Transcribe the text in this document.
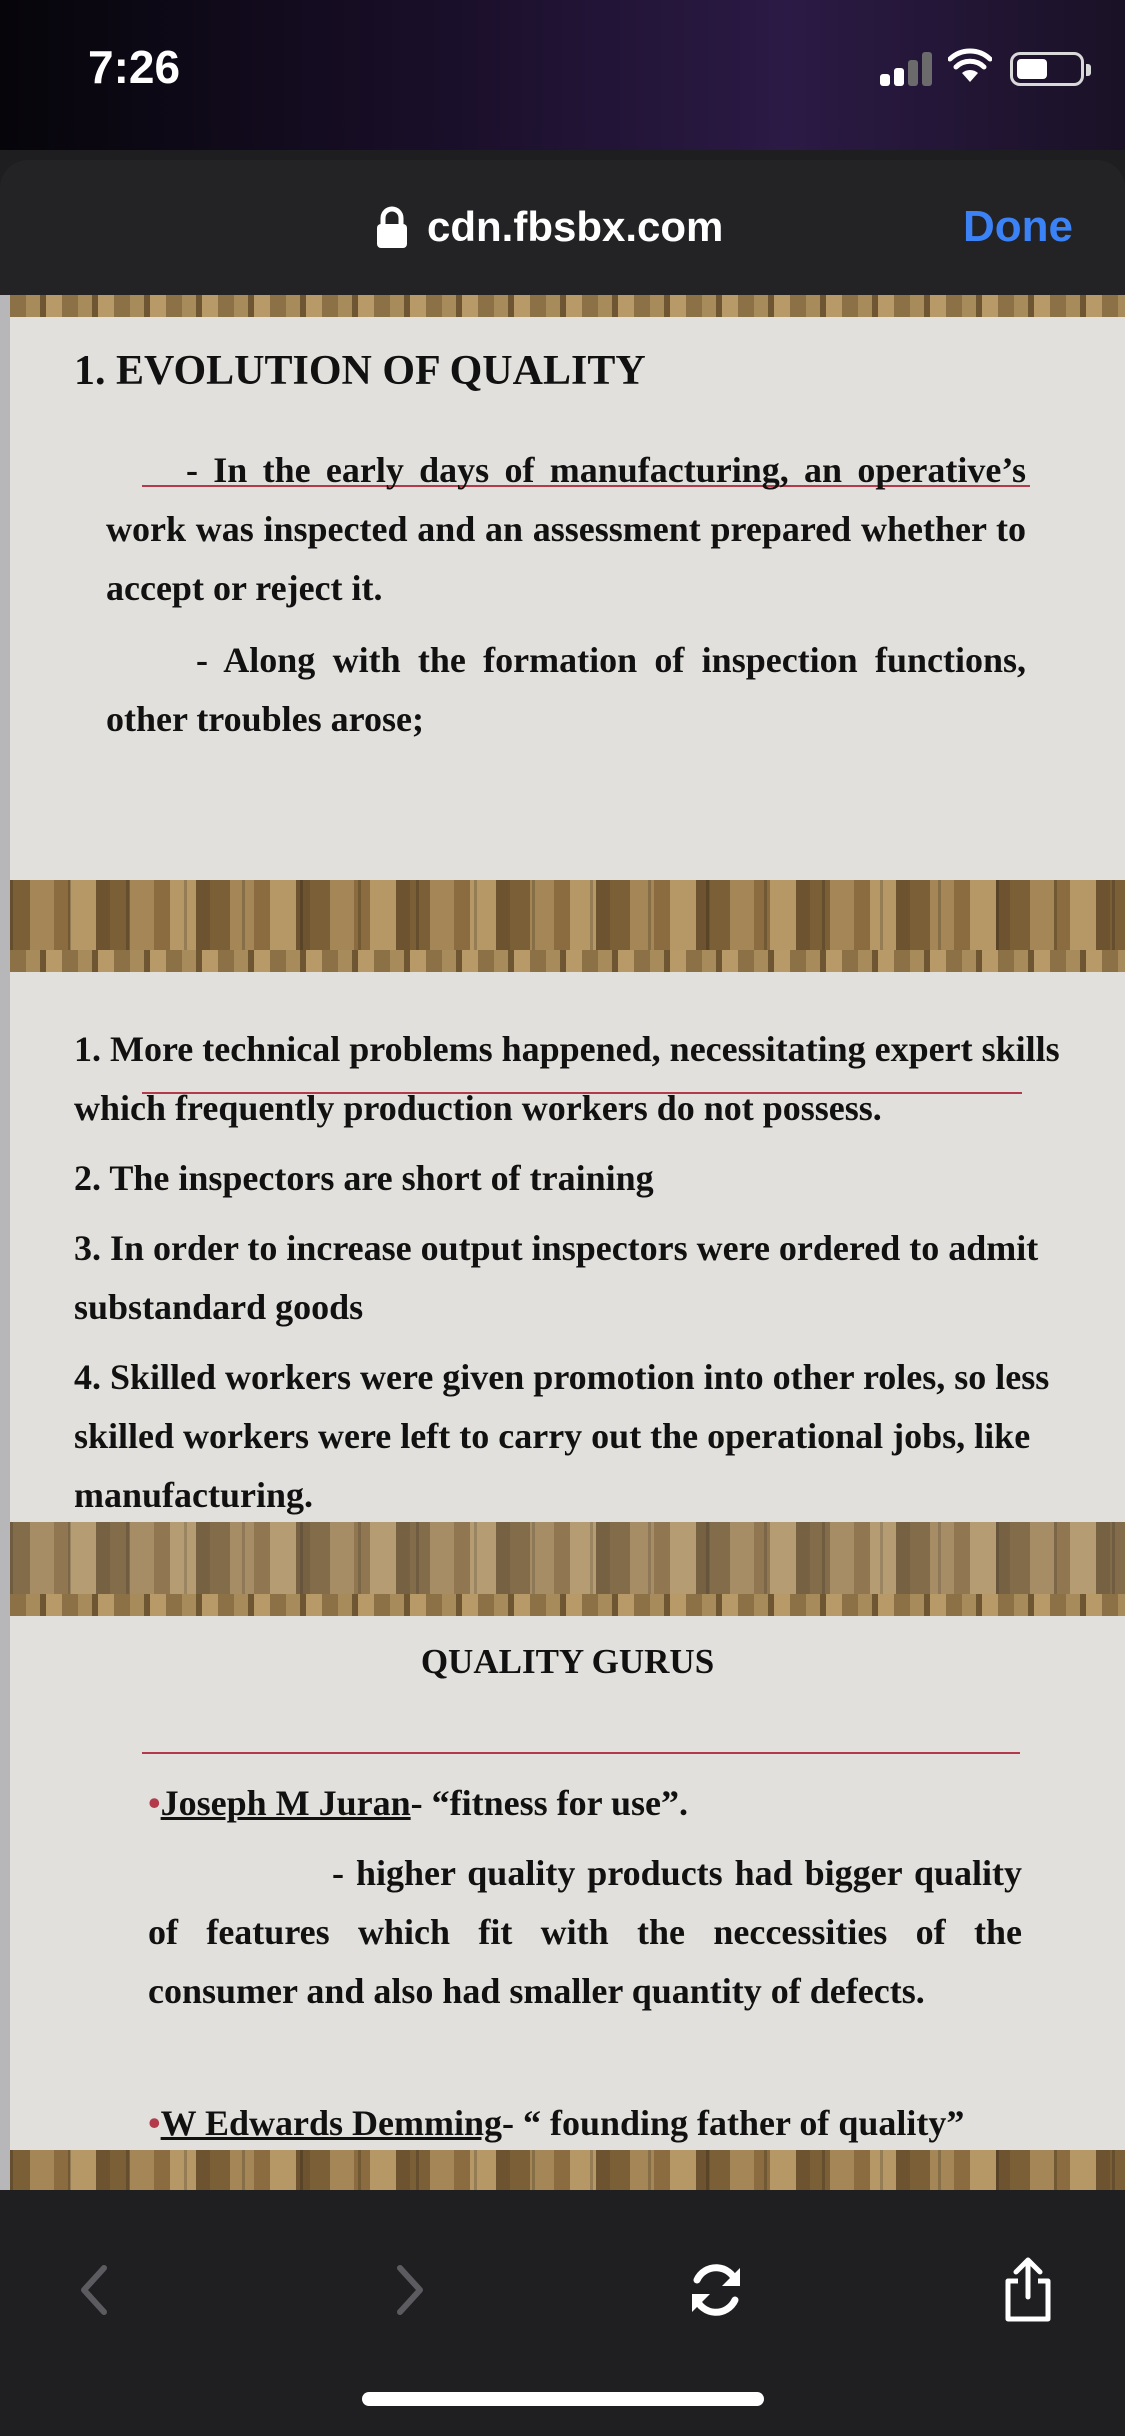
7:26
cdn.fbsbx.com	Done
1. EVOLUTION OF QUALITY
- In the early days of manufacturing, an operative’s work was inspected and an assessment prepared whether to accept or reject it.
- Along with the formation of inspection functions, other troubles arose;

1. More technical problems happened, necessitating expert skills which frequently production workers do not possess.

2. The inspectors are short of training

3. In order to increase output inspectors were ordered to admit substandard goods

4. Skilled workers were given promotion into other roles, so less skilled workers were left to carry out the operational jobs, like manufacturing.

QUALITY GURUS
•Joseph M Juran- “fitness for use”.
- higher quality products had bigger quality of features which fit with the neccessities of the consumer and also had smaller quantity of defects.
•W Edwards Demming- “ founding father of quality”
